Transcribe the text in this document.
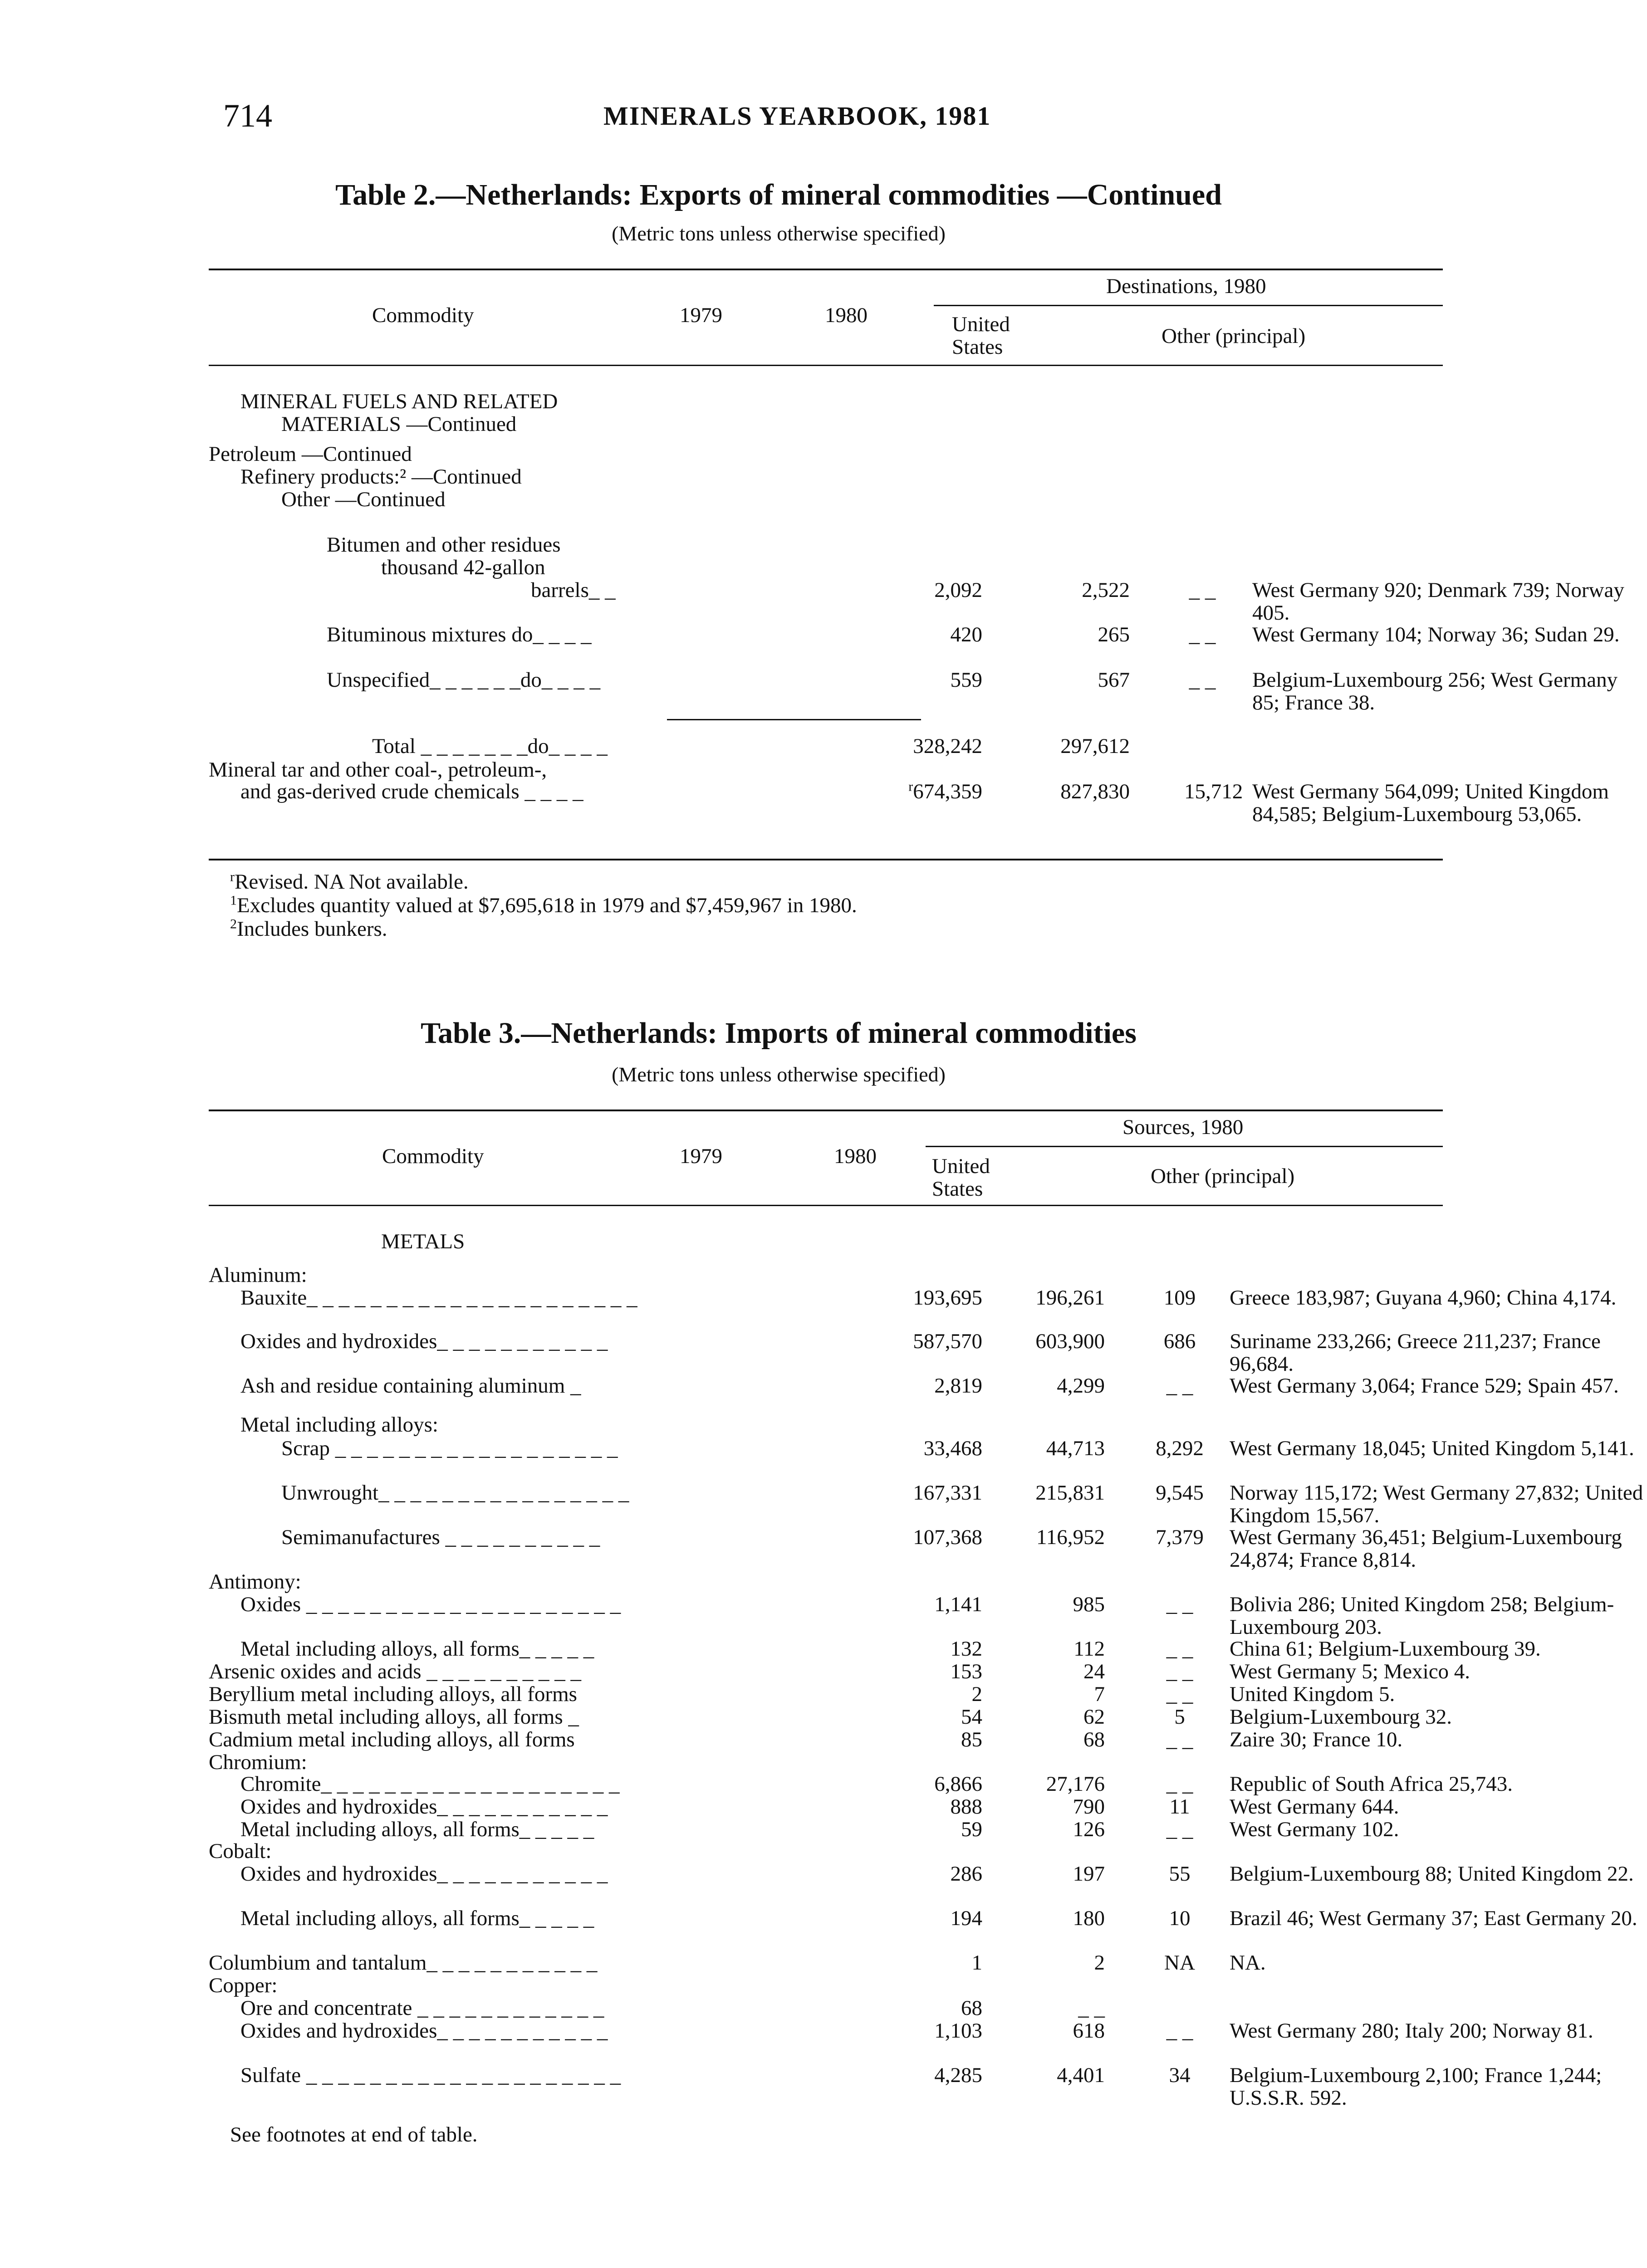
714	MINERALS YEARBOOK, 1981
Table 2.—Netherlands: Exports of mineral commodities —Continued
(Metric tons unless otherwise specified)
Commodity	1979	1980
Destinations, 1980
United
States	Other (principal)
MINERAL FUELS AND RELATED
MATERIALS —Continued
Petroleum —Continued
Refinery products:² —Continued
Other —Continued
Bitumen and other residues
thousand 42-gallon
barrels_ _	2,092	2,522	_ _ West Germany 920; Denmark 739; Norway 405.
Bituminous mixtures do_ _ _ _	420	265	_ _ West Germany 104; Norway 36; Sudan 29.
Unspecified_ _ _ _ _ _do_ _ _ _	559	567	_ _ Belgium-Luxembourg 256; West Germany 85; France 38.
Total _ _ _ _ _ _ _do_ _ _ _	328,242	297,612
Mineral tar and other coal-, petroleum-,
and gas-derived crude chemicals _ _ _ _	$^r$674,359	827,830	15,712 West Germany 564,099; United Kingdom 84,585; Belgium-Luxembourg 53,065.
$^r$Revised. NA Not available.
$^1$Excludes quantity valued at $7,695,618 in 1979 and $7,459,967 in 1980.
$^2$Includes bunkers.
Table 3.—Netherlands: Imports of mineral commodities
(Metric tons unless otherwise specified)
Commodity	1979	1980
Sources, 1980
United
States
Other (principal)
METALS
Aluminum:
Bauxite_ _ _ _ _ _ _ _ _ _ _ _ _ _ _ _ _ _ _ _ _	193,695 196,261	109	Greece 183,987; Guyana 4,960; China 4,174.
Oxides and hydroxides_ _ _ _ _ _ _ _ _ _ _	587,570 603,900	686	Suriname 233,266; Greece 211,237; France 96,684.
Ash and residue containing aluminum _	2,819	4,299	_ _	West Germany 3,064; France 529; Spain 457.
Metal including alloys:
Scrap _ _ _ _ _ _ _ _ _ _ _ _ _ _ _ _ _ _	33,468	44,713 8,292 West Germany 18,045; United Kingdom 5,141.
Unwrought_ _ _ _ _ _ _ _ _ _ _ _ _ _ _ _	167,331 215,831 9,545 Norway 115,172; West Germany 27,832; United Kingdom 15,567.
Semimanufactures _ _ _ _ _ _ _ _ _ _	107,368	116,952 7,379 West Germany 36,451; Belgium-Luxembourg 24,874; France 8,814.
Antimony:
Oxides _ _ _ _ _ _ _ _ _ _ _ _ _ _ _ _ _ _ _ _	1,141	985	_ _	Bolivia 286; United Kingdom 258; Belgium-Luxembourg 203.
Metal including alloys, all forms_ _ _ _ _	132	112	_ _	China 61; Belgium-Luxembourg 39.
Arsenic oxides and acids _ _ _ _ _ _ _ _ _ _	153	24	_ _	West Germany 5; Mexico 4.
Beryllium metal including alloys, all forms	2	7	_ _	United Kingdom 5.
Bismuth metal including alloys, all forms _	54	62	5	Belgium-Luxembourg 32.
Cadmium metal including alloys, all forms	85	68	_ _	Zaire 30; France 10.
Chromium:
Chromite_ _ _ _ _ _ _ _ _ _ _ _ _ _ _ _ _ _ _	6,866	27,176	_ _	Republic of South Africa 25,743.
Oxides and hydroxides_ _ _ _ _ _ _ _ _ _ _	888	790	11	West Germany 644.
Metal including alloys, all forms_ _ _ _ _	59	126	_ _	West Germany 102.
Cobalt:
Oxides and hydroxides_ _ _ _ _ _ _ _ _ _ _	286	197	55	Belgium-Luxembourg 88; United Kingdom 22.
Metal including alloys, all forms_ _ _ _ _	194	180	10	Brazil 46; West Germany 37; East Germany 20.
Columbium and tantalum_ _ _ _ _ _ _ _ _ _ _	1	2	NA	NA.
Copper:
Ore and concentrate _ _ _ _ _ _ _ _ _ _ _ _	68	_ _
Oxides and hydroxides_ _ _ _ _ _ _ _ _ _ _	1,103	618	_ _	West Germany 280; Italy 200; Norway 81.
Sulfate _ _ _ _ _ _ _ _ _ _ _ _ _ _ _ _ _ _ _ _	4,285	4,401	34	Belgium-Luxembourg 2,100; France 1,244; U.S.S.R. 592.
See footnotes at end of table.
